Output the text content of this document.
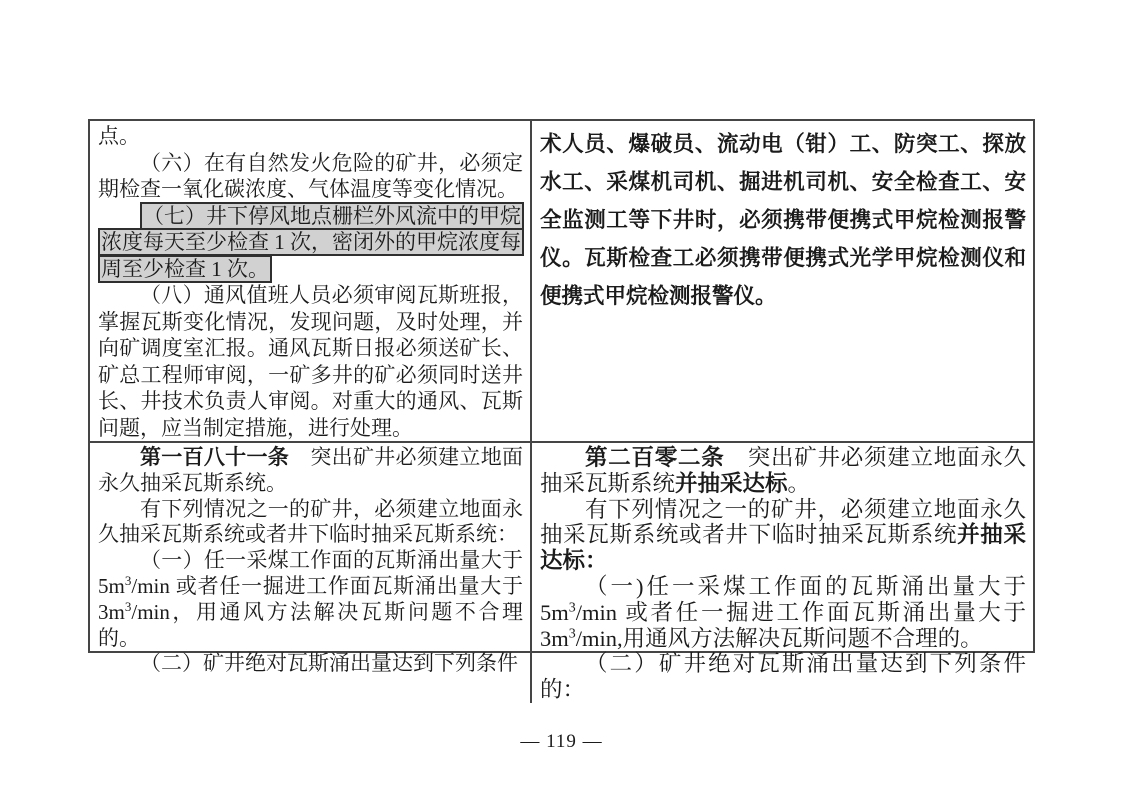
点。

（六）在有自然发火危险的矿井，必须定期检查一氧化碳浓度、气体温度等变化情况。

（七）井下停风地点栅栏外风流中的甲烷浓度每天至少检查 1 次，密闭外的甲烷浓度每周至少检查 1 次。

（八）通风值班人员必须审阅瓦斯班报，掌握瓦斯变化情况，发现问题，及时处理，并向矿调度室汇报。通风瓦斯日报必须送矿长、矿总工程师审阅，一矿多井的矿必须同时送井长、井技术负责人审阅。对重大的通风、瓦斯问题，应当制定措施，进行处理。

术人员、爆破员、流动电（钳）工、防突工、探放水工、采煤机司机、掘进机司机、安全检查工、安全监测工等下井时，必须携带便携式甲烷检测报警仪。瓦斯检查工必须携带便携式光学甲烷检测仪和便携式甲烷检测报警仪。

第一百八十一条　突出矿井必须建立地面永久抽采瓦斯系统。

有下列情况之一的矿井，必须建立地面永久抽采瓦斯系统或者井下临时抽采瓦斯系统：

（一）任一采煤工作面的瓦斯涌出量大于 $5m^3/\min$ 或者任一掘进工作面瓦斯涌出量大于 $3m^3/\min$，用通风方法解决瓦斯问题不合理的。

（二）矿井绝对瓦斯涌出量达到下列条件

第二百零二条　突出矿井必须建立地面永久抽采瓦斯系统并抽采达标。

有下列情况之一的矿井，必须建立地面永久抽采瓦斯系统或者井下临时抽采瓦斯系统并抽采达标：

（一)任一采煤工作面的瓦斯涌出量大于 $5m^3/\min$ 或者任一掘进工作面瓦斯涌出量大于 $3m^3/\min$,用通风方法解决瓦斯问题不合理的。

（二）矿井绝对瓦斯涌出量达到下列条件的：

— 119 —
